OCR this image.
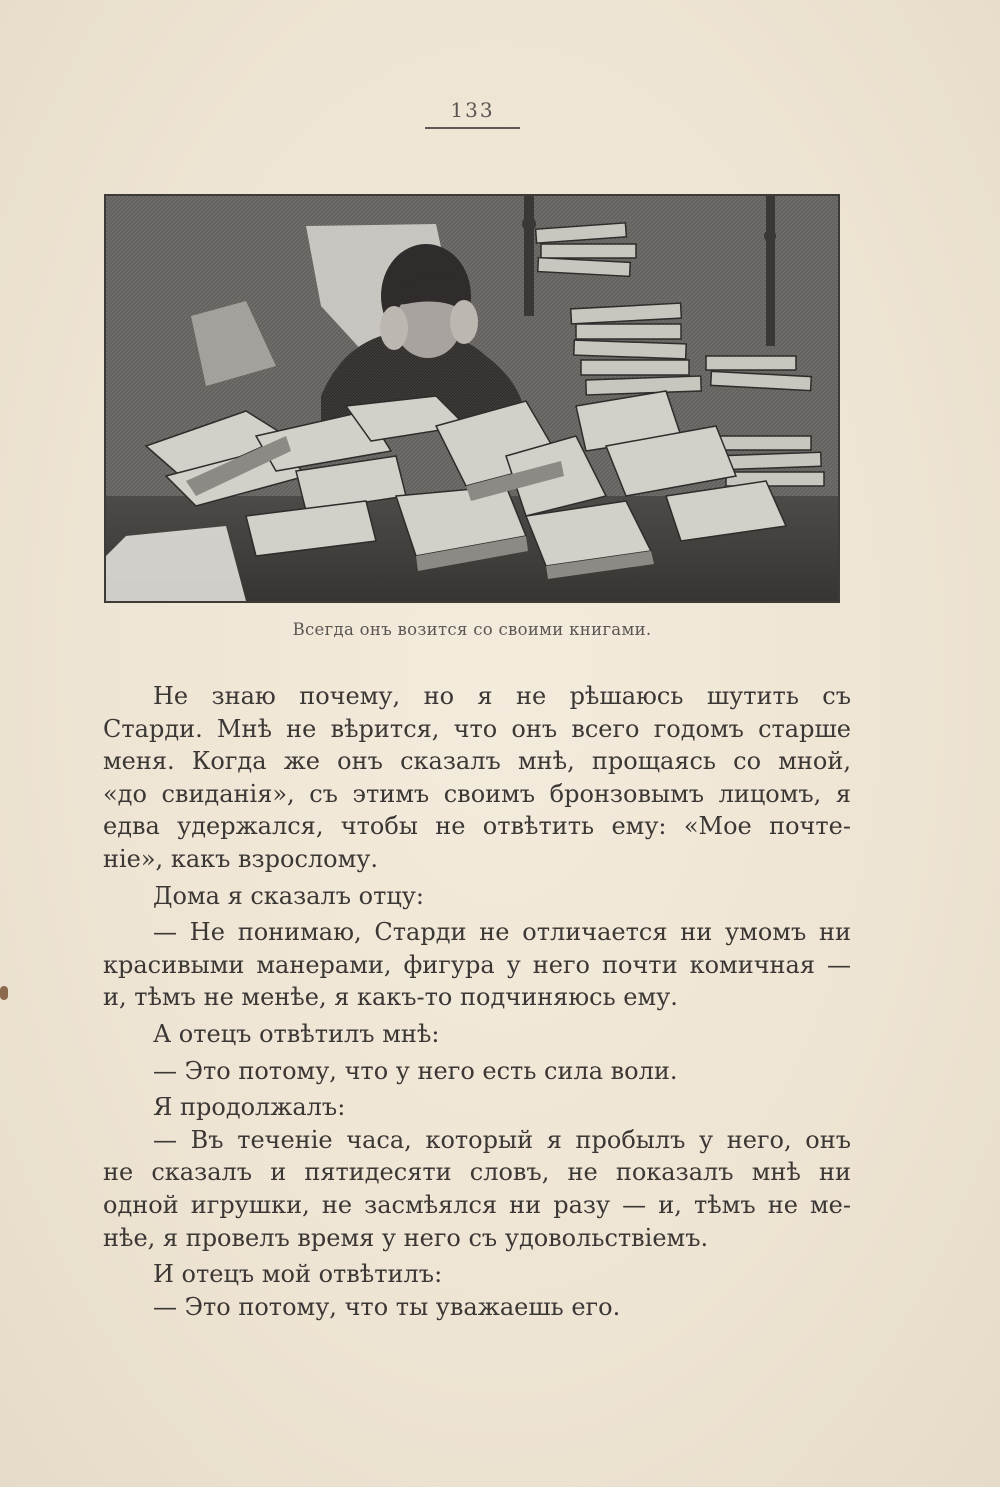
133
Всегда онъ возится со своими книгами.
Не знаю почему, но я не рѣшаюсь шутить съ
Старди. Мнѣ не вѣрится, что онъ всего годомъ старше
меня. Когда же онъ сказалъ мнѣ, прощаясь со мной,
«до свиданія», съ этимъ своимъ бронзовымъ лицомъ, я
едва удержался, чтобы не отвѣтить ему: «Мое почте-
ніе», какъ взрослому.
Дома я сказалъ отцу:
— Не понимаю, Старди не отличается ни умомъ ни
красивыми манерами, фигура у него почти комичная —
и, тѣмъ не менѣе, я какъ-то подчиняюсь ему.
А отецъ отвѣтилъ мнѣ:
— Это потому, что у него есть сила воли.
Я продолжалъ:
— Въ теченіе часа, который я пробылъ у него, онъ
не сказалъ и пятидесяти словъ, не показалъ мнѣ ни
одной игрушки, не засмѣялся ни разу — и, тѣмъ не ме-
нѣе, я провелъ время у него съ удовольствіемъ.
И отецъ мой отвѣтилъ:
— Это потому, что ты уважаешь его.
